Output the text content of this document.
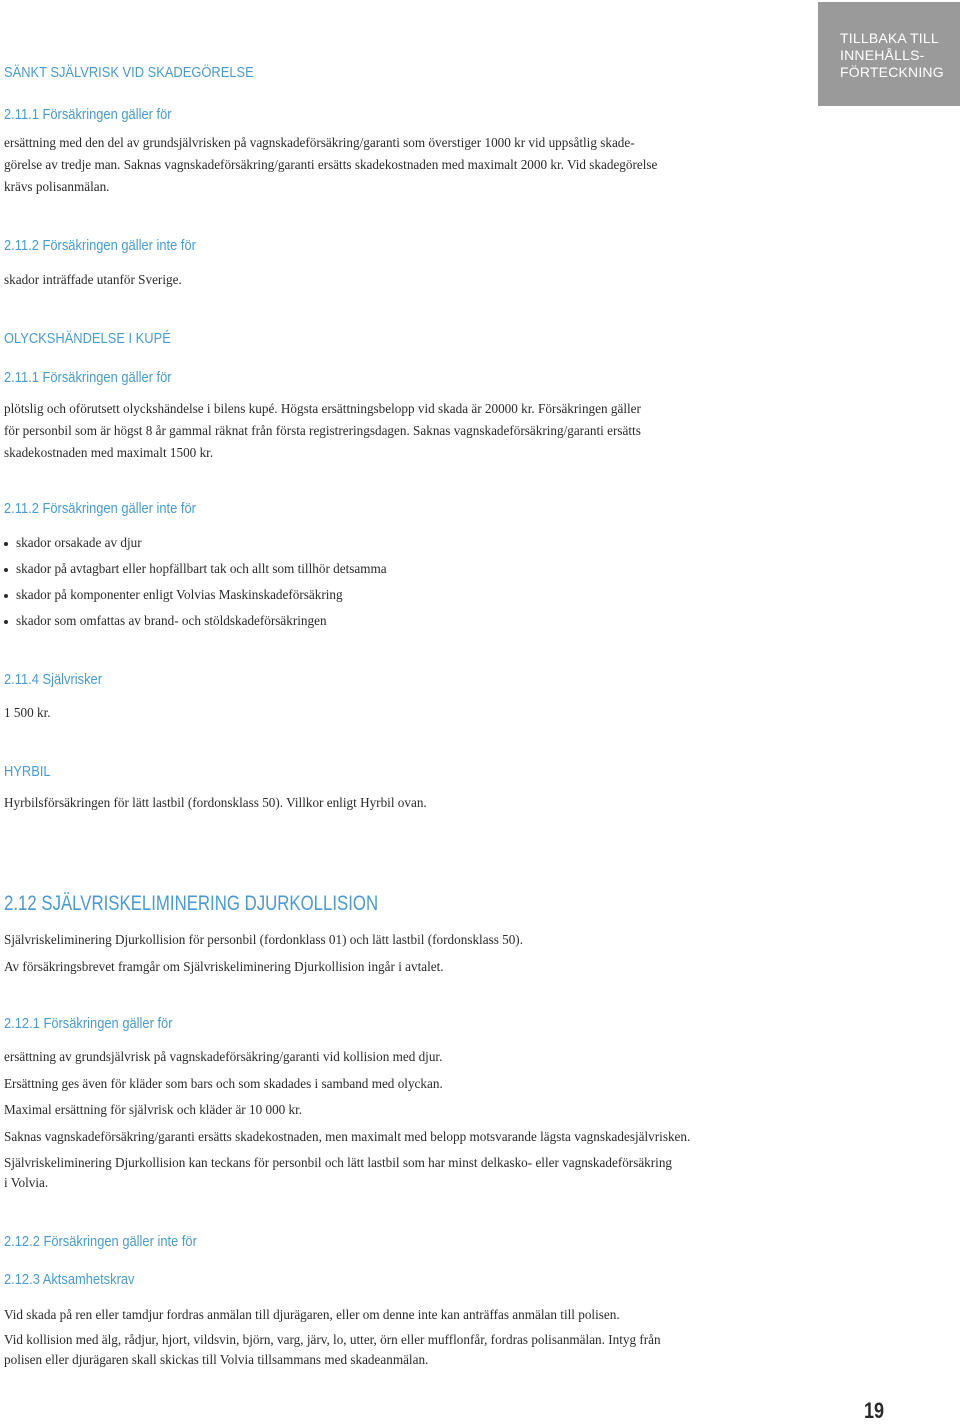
TILLBAKA TILL
INNEHÅLLS-
FÖRTECKNING
SÄNKT SJÄLVRISK VID SKADEGÖRELSE
2.11.1 Försäkringen gäller för

ersättning med den del av grundsjälvrisken på vagnskadeförsäkring/garanti som överstiger 1000 kr vid uppsåtlig skade-

görelse av tredje man. Saknas vagnskadeförsäkring/garanti ersätts skadekostnaden med maximalt 2000 kr. Vid skadegörelse

krävs polisanmälan.

2.11.2 Försäkringen gäller inte för

skador inträffade utanför Sverige.

OLYCKSHÄNDELSE I KUPÉ
2.11.1 Försäkringen gäller för

plötslig och oförutsett olyckshändelse i bilens kupé. Högsta ersättningsbelopp vid skada är 20000 kr. Försäkringen gäller

för personbil som är högst 8 år gammal räknat från första registreringsdagen. Saknas vagnskadeförsäkring/garanti ersätts

skadekostnaden med maximalt 1500 kr.

2.11.2 Försäkringen gäller inte för
skador orsakade av djur
skador på avtagbart eller hopfällbart tak och allt som tillhör detsamma
skador på komponenter enligt Volvias Maskinskadeförsäkring
skador som omfattas av brand- och stöldskadeförsäkringen
2.11.4 Självrisker

1 500 kr.

HYRBIL

Hyrbilsförsäkringen för lätt lastbil (fordonsklass 50). Villkor enligt Hyrbil ovan.

2.12 SJÄLVRISKELIMINERING DJURKOLLISION

Självriskeliminering Djurkollision för personbil (fordonklass 01) och lätt lastbil (fordonsklass 50).

Av försäkringsbrevet framgår om Självriskeliminering Djurkollision ingår i avtalet.

2.12.1 Försäkringen gäller för

ersättning av grundsjälvrisk på vagnskadeförsäkring/garanti vid kollision med djur.

Ersättning ges även för kläder som bars och som skadades i samband med olyckan.

Maximal ersättning för självrisk och kläder är 10 000 kr.

Saknas vagnskadeförsäkring/garanti ersätts skadekostnaden, men maximalt med belopp motsvarande lägsta vagnskadesjälvrisken.

Självriskeliminering Djurkollision kan teckans för personbil och lätt lastbil som har minst delkasko- eller vagnskadeförsäkring

i Volvia.

2.12.2 Försäkringen gäller inte för
2.12.3 Aktsamhetskrav

Vid skada på ren eller tamdjur fordras anmälan till djurägaren, eller om denne inte kan anträffas anmälan till polisen.

Vid kollision med älg, rådjur, hjort, vildsvin, björn, varg, järv, lo, utter, örn eller mufflonfår, fordras polisanmälan. Intyg från

polisen eller djurägaren skall skickas till Volvia tillsammans med skadeanmälan.

19
